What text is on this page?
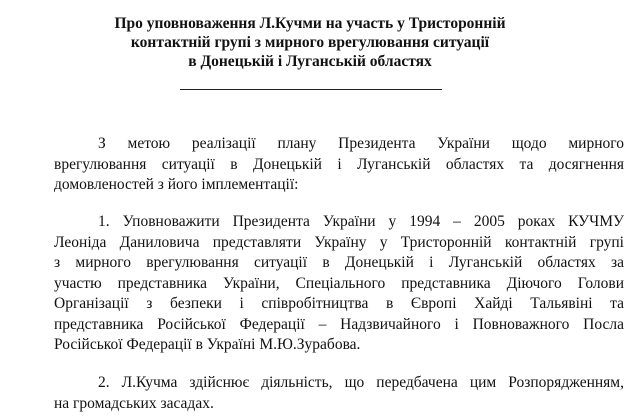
Про уповноваження Л.Кучми на участь у Тристоронній
контактній групі з мирного врегулювання ситуації
в Донецькій і Луганській областях
З метою реалізації плану Президента України щодо мирного
врегулювання ситуації в Донецькій і Луганській областях та досягнення
домовленостей з його імплементації:
1. Уповноважити Президента України у 1994 – 2005 роках КУЧМУ
Леоніда Даниловича представляти Україну у Тристоронній контактній групі
з мирного врегулювання ситуації в Донецькій і Луганській областях за
участю представника України, Спеціального представника Діючого Голови
Організації з безпеки і співробітництва в Європі Хайді Тальявіні та
представника Російської Федерації – Надзвичайного і Повноважного Посла
Російської Федерації в Україні М.Ю.Зурабова.
2. Л.Кучма здійснює діяльність, що передбачена цим Розпорядженням,
на громадських засадах.
